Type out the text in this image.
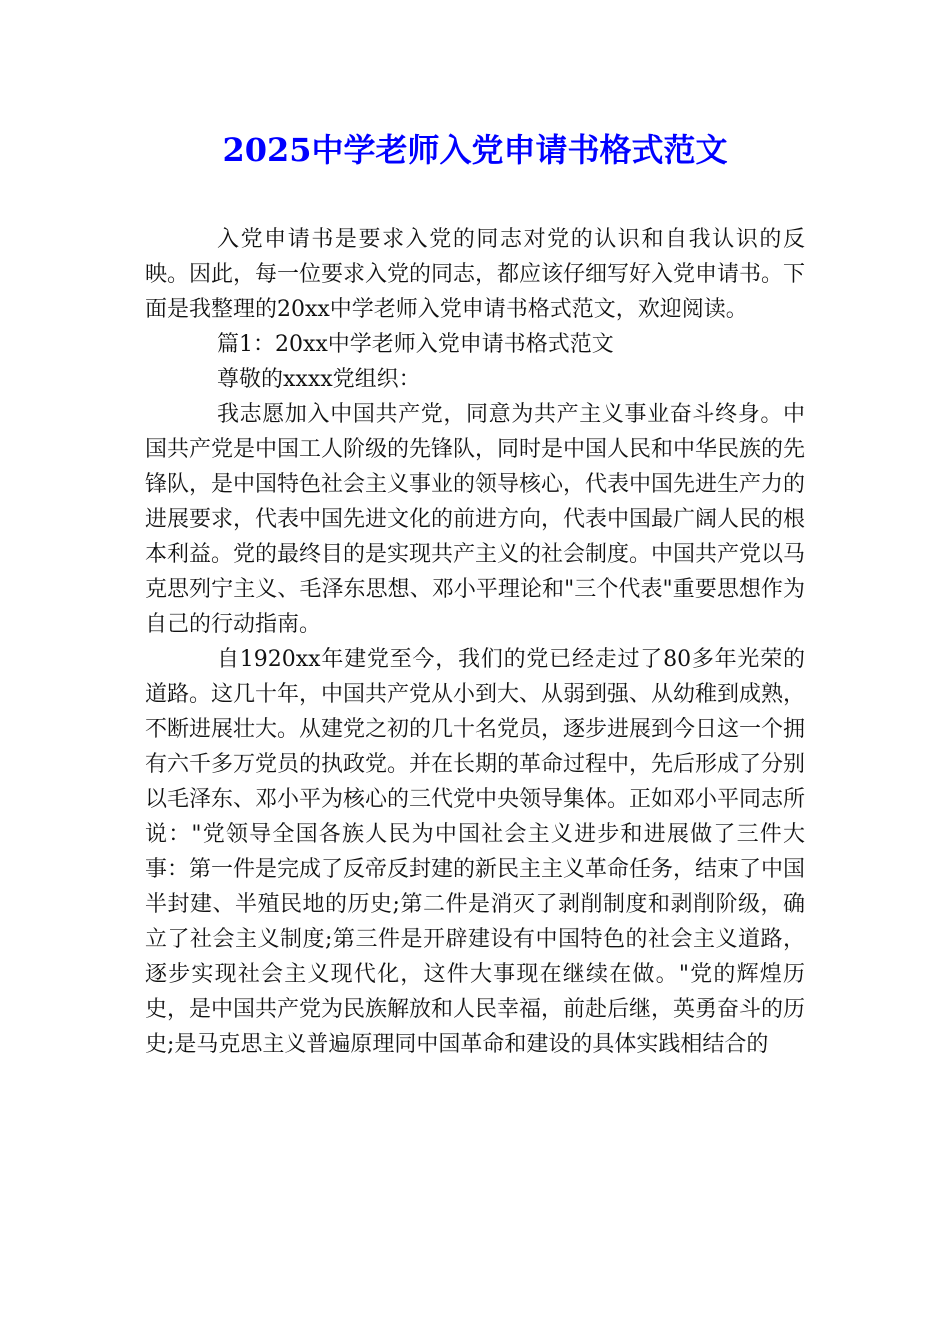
2025中学老师入党申请书格式范文

入党申请书是要求入党的同志对党的认识和自我认识的反映。因此，每一位要求入党的同志，都应该仔细写好入党申请书。下面是我整理的20xx中学老师入党申请书格式范文，欢迎阅读。

篇1：20xx中学老师入党申请书格式范文

尊敬的xxxx党组织：

我志愿加入中国共产党，同意为共产主义事业奋斗终身。中国共产党是中国工人阶级的先锋队，同时是中国人民和中华民族的先锋队，是中国特色社会主义事业的领导核心，代表中国先进生产力的进展要求，代表中国先进文化的前进方向，代表中国最广阔人民的根本利益。党的最终目的是实现共产主义的社会制度。中国共产党以马克思列宁主义、毛泽东思想、邓小平理论和"三个代表"重要思想作为自己的行动指南。

自1920xx年建党至今，我们的党已经走过了80多年光荣的道路。这几十年，中国共产党从小到大、从弱到强、从幼稚到成熟，不断进展壮大。从建党之初的几十名党员，逐步进展到今日这一个拥有六千多万党员的执政党。并在长期的革命过程中，先后形成了分别以毛泽东、邓小平为核心的三代党中央领导集体。正如邓小平同志所说："党领导全国各族人民为中国社会主义进步和进展做了三件大事：第一件是完成了反帝反封建的新民主主义革命任务，结束了中国半封建、半殖民地的历史;第二件是消灭了剥削制度和剥削阶级，确立了社会主义制度;第三件是开辟建设有中国特色的社会主义道路，逐步实现社会主义现代化，这件大事现在继续在做。"党的辉煌历史，是中国共产党为民族解放和人民幸福，前赴后继，英勇奋斗的历史;是马克思主义普遍原理同中国革命和建设的具体实践相结合的
